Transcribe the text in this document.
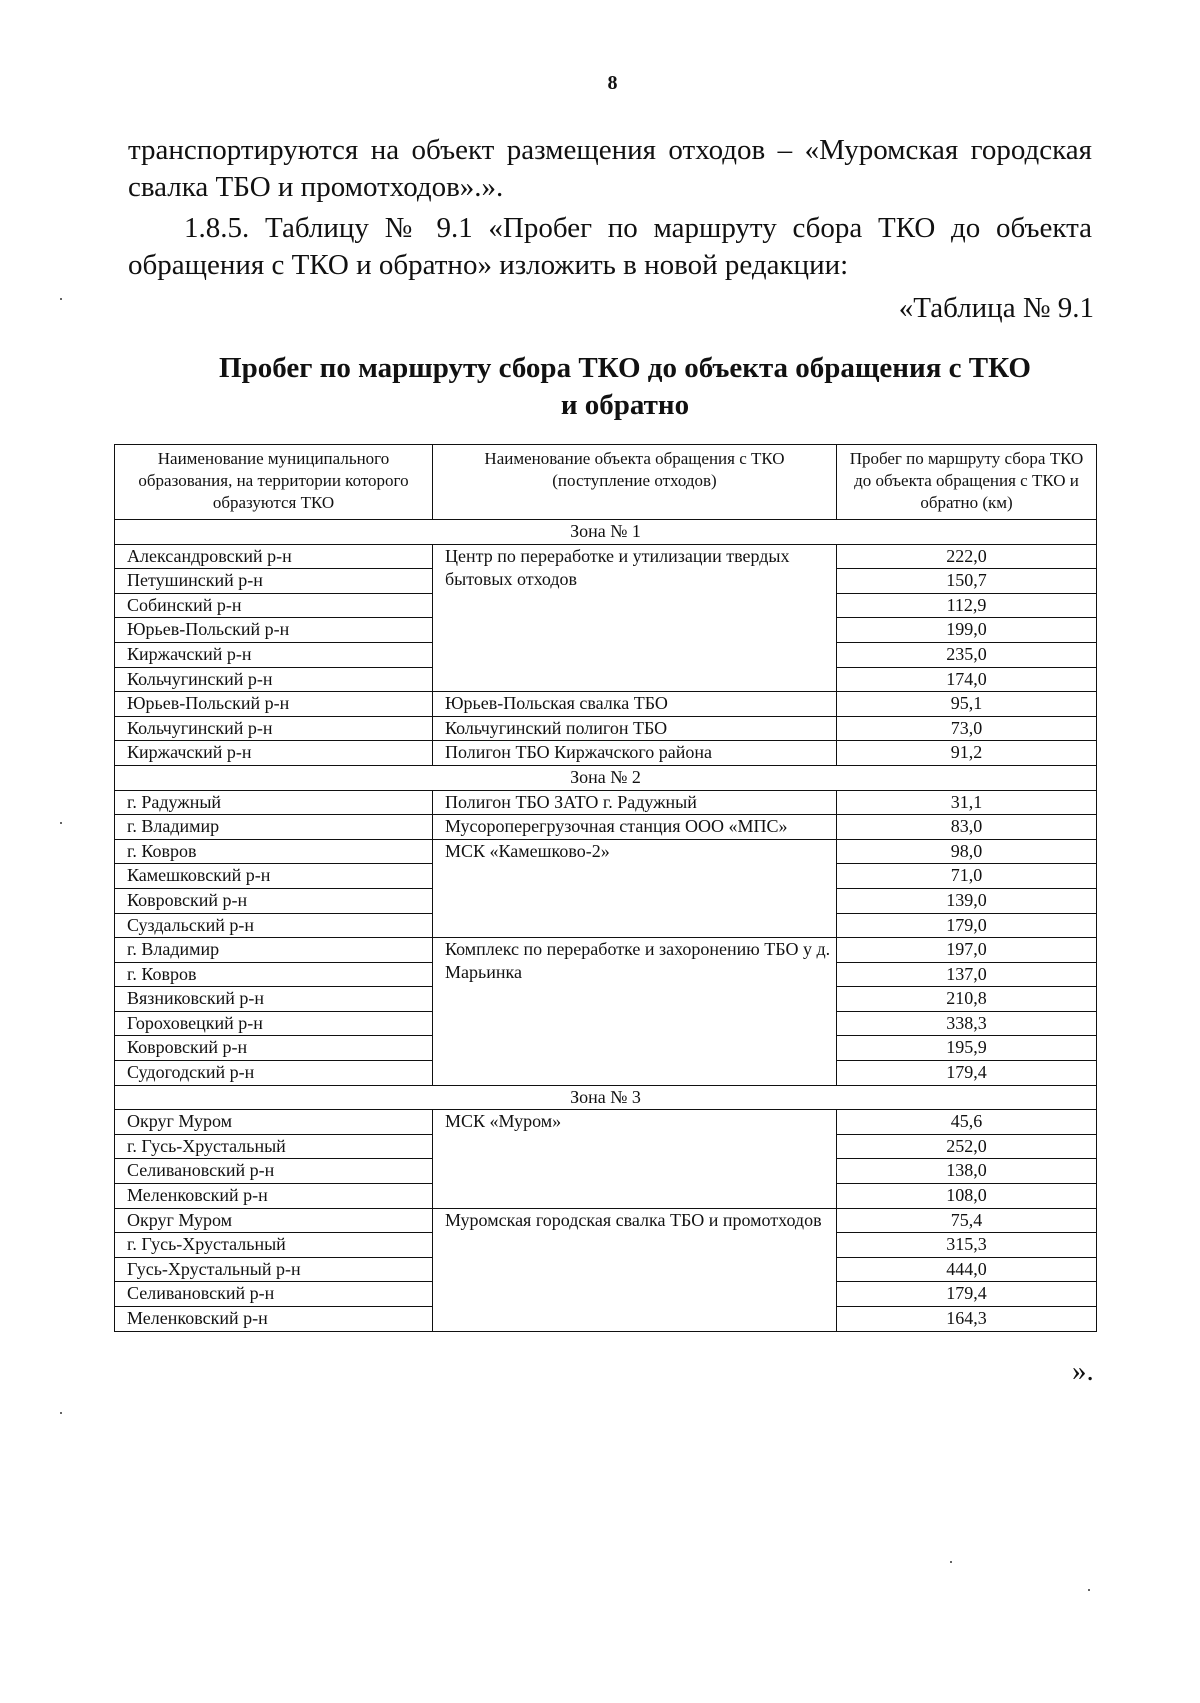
8
транспортируются на объект размещения отходов – «Муромская городская свалка ТБО и промотходов».».
1.8.5. Таблицу № 9.1 «Пробег по маршруту сбора ТКО до объекта обращения с ТКО и обратно» изложить в новой редакции:
«Таблица № 9.1
Пробег по маршруту сбора ТКО до объекта обращения с ТКО
и обратно
Наименование муниципального образования, на территории которого образуются ТКО	Наименование объекта обращения с ТКО (поступление отходов)	Пробег по маршруту сбора ТКО до объекта обращения с ТКО и обратно (км)
Зона № 1		
Александровский р-н	Центр по переработке и утилизации твердых бытовых отходов	222,0
Петушинский р-н		150,7
Собинский р-н		112,9
Юрьев-Польский р-н		199,0
Киржачский р-н		235,0
Кольчугинский р-н		174,0
Юрьев-Польский р-н	Юрьев-Польская свалка ТБО	95,1
Кольчугинский р-н	Кольчугинский полигон ТБО	73,0
Киржачский р-н	Полигон ТБО Киржачского района	91,2
Зона № 2		
г. Радужный	Полигон ТБО ЗАТО г. Радужный	31,1
г. Владимир	Мусороперегрузочная станция ООО «МПС»	83,0
г. Ковров	МСК «Камешково-2»	98,0
Камешковский р-н		71,0
Ковровский р-н		139,0
Суздальский р-н		179,0
г. Владимир	Комплекс по переработке и захоронению ТБО у д. Марьинка	197,0
г. Ковров		137,0
Вязниковский р-н		210,8
Гороховецкий р-н		338,3
Ковровский р-н		195,9
Судогодский р-н		179,4
Зона № 3		
Округ Муром	МСК «Муром»	45,6
г. Гусь-Хрустальный		252,0
Селивановский р-н		138,0
Меленковский р-н		108,0
Округ Муром	Муромская городская свалка ТБО и промотходов	75,4
г. Гусь-Хрустальный		315,3
Гусь-Хрустальный р-н		444,0
Селивановский р-н		179,4
Меленковский р-н		164,3
».
